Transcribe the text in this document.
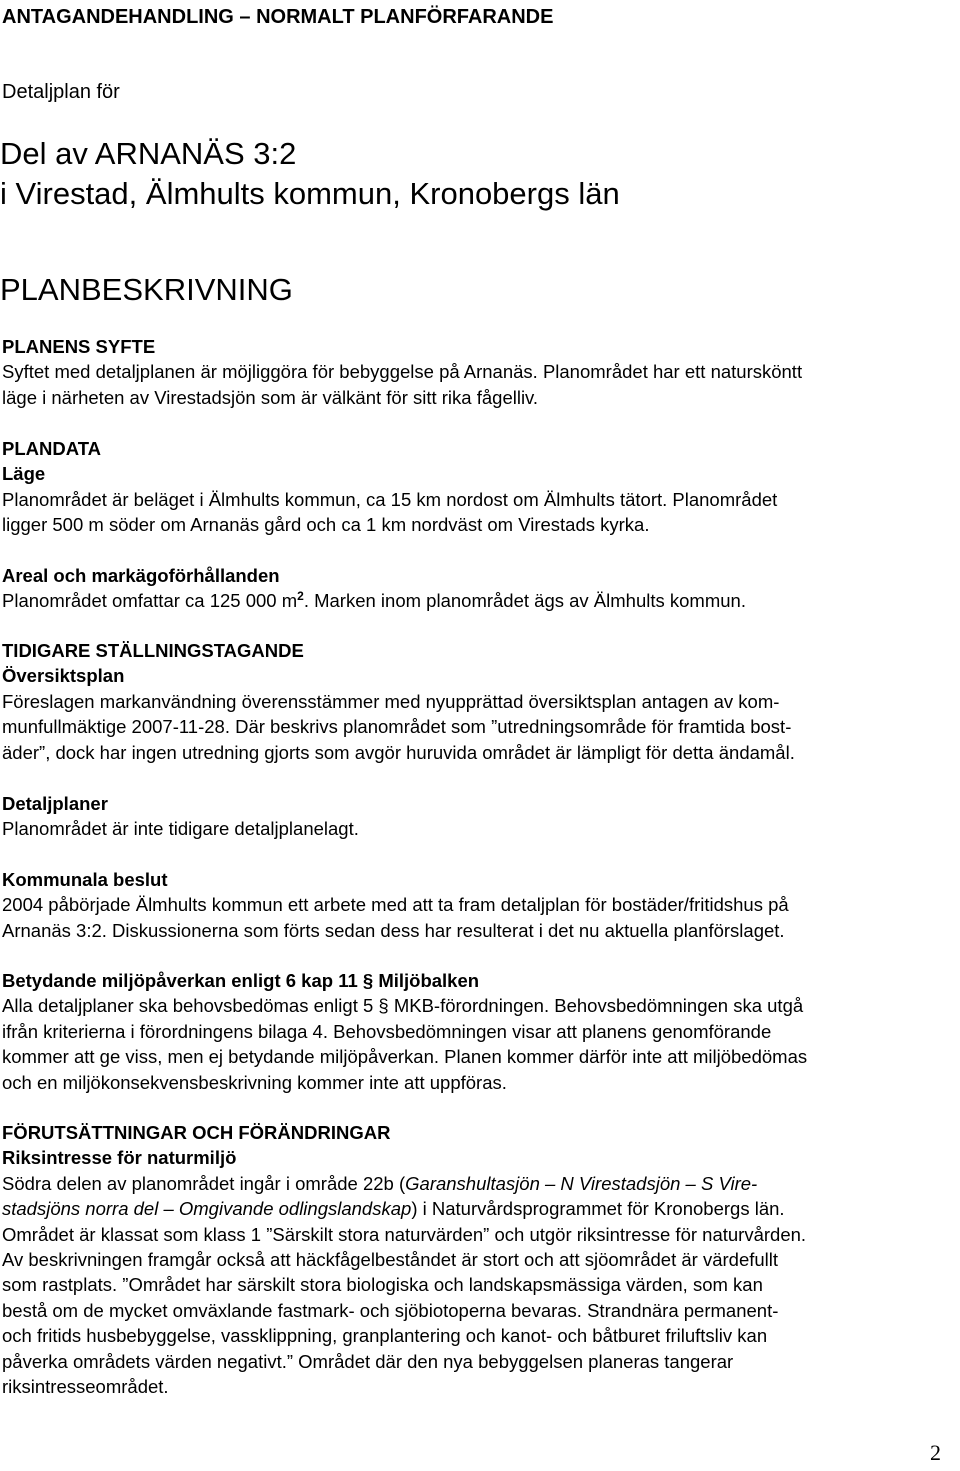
ANTAGANDEHANDLING – NORMALT PLANFÖRFARANDE
Detaljplan för
Del av ARNANÄS 3:2
i Virestad, Älmhults kommun, Kronobergs län
PLANBESKRIVNING
PLANENS SYFTE
Syftet med detaljplanen är möjliggöra för bebyggelse på Arnanäs. Planområdet har ett natursköntt
läge i närheten av Virestadsjön som är välkänt för sitt rika fågelliv.
PLANDATA
Läge
Planområdet är beläget i Älmhults kommun, ca 15 km nordost om Älmhults tätort. Planområdet
ligger 500 m söder om Arnanäs gård och ca 1 km nordväst om Virestads kyrka.
Areal och markägoförhållanden
Planområdet omfattar ca 125 000 $m^2$. Marken inom planområdet ägs av Älmhults kommun.
TIDIGARE STÄLLNINGSTAGANDE
Översiktsplan
Föreslagen markanvändning överensstämmer med nyupprättad översiktsplan antagen av kom-
munfullmäktige 2007-11-28. Där beskrivs planområdet som ”utredningsområde för framtida bost-
äder”, dock har ingen utredning gjorts som avgör huruvida området är lämpligt för detta ändamål.
Detaljplaner
Planområdet är inte tidigare detaljplanelagt.
Kommunala beslut
2004 påbörjade Älmhults kommun ett arbete med att ta fram detaljplan för bostäder/fritidshus på
Arnanäs 3:2. Diskussionerna som förts sedan dess har resulterat i det nu aktuella planförslaget.
Betydande miljöpåverkan enligt 6 kap 11 § Miljöbalken
Alla detaljplaner ska behovsbedömas enligt 5 § MKB-förordningen. Behovsbedömningen ska utgå
ifrån kriterierna i förordningens bilaga 4. Behovsbedömningen visar att planens genomförande
kommer att ge viss, men ej betydande miljöpåverkan. Planen kommer därför inte att miljöbedömas
och en miljökonsekvensbeskrivning kommer inte att uppföras.
FÖRUTSÄTTNINGAR OCH FÖRÄNDRINGAR
Riksintresse för naturmiljö
Södra delen av planområdet ingår i område 22b (Garanshultasjön – N Virestadsjön – S Vire-
stadsjöns norra del – Omgivande odlingslandskap) i Naturvårdsprogrammet för Kronobergs län.
Området är klassat som klass 1 ”Särskilt stora naturvärden” och utgör riksintresse för naturvården.
Av beskrivningen framgår också att häckfågelbeståndet är stort och att sjöområdet är värdefullt
som rastplats. ”Området har särskilt stora biologiska och landskapsmässiga värden, som kan
bestå om de mycket omväxlande fastmark- och sjöbiotoperna bevaras. Strandnära permanent-
och fritids husbebyggelse, vassklippning, granplantering och kanot- och båtburet friluftsliv kan
påverka områdets värden negativt.” Området där den nya bebyggelsen planeras tangerar
riksintresseområdet.
2
